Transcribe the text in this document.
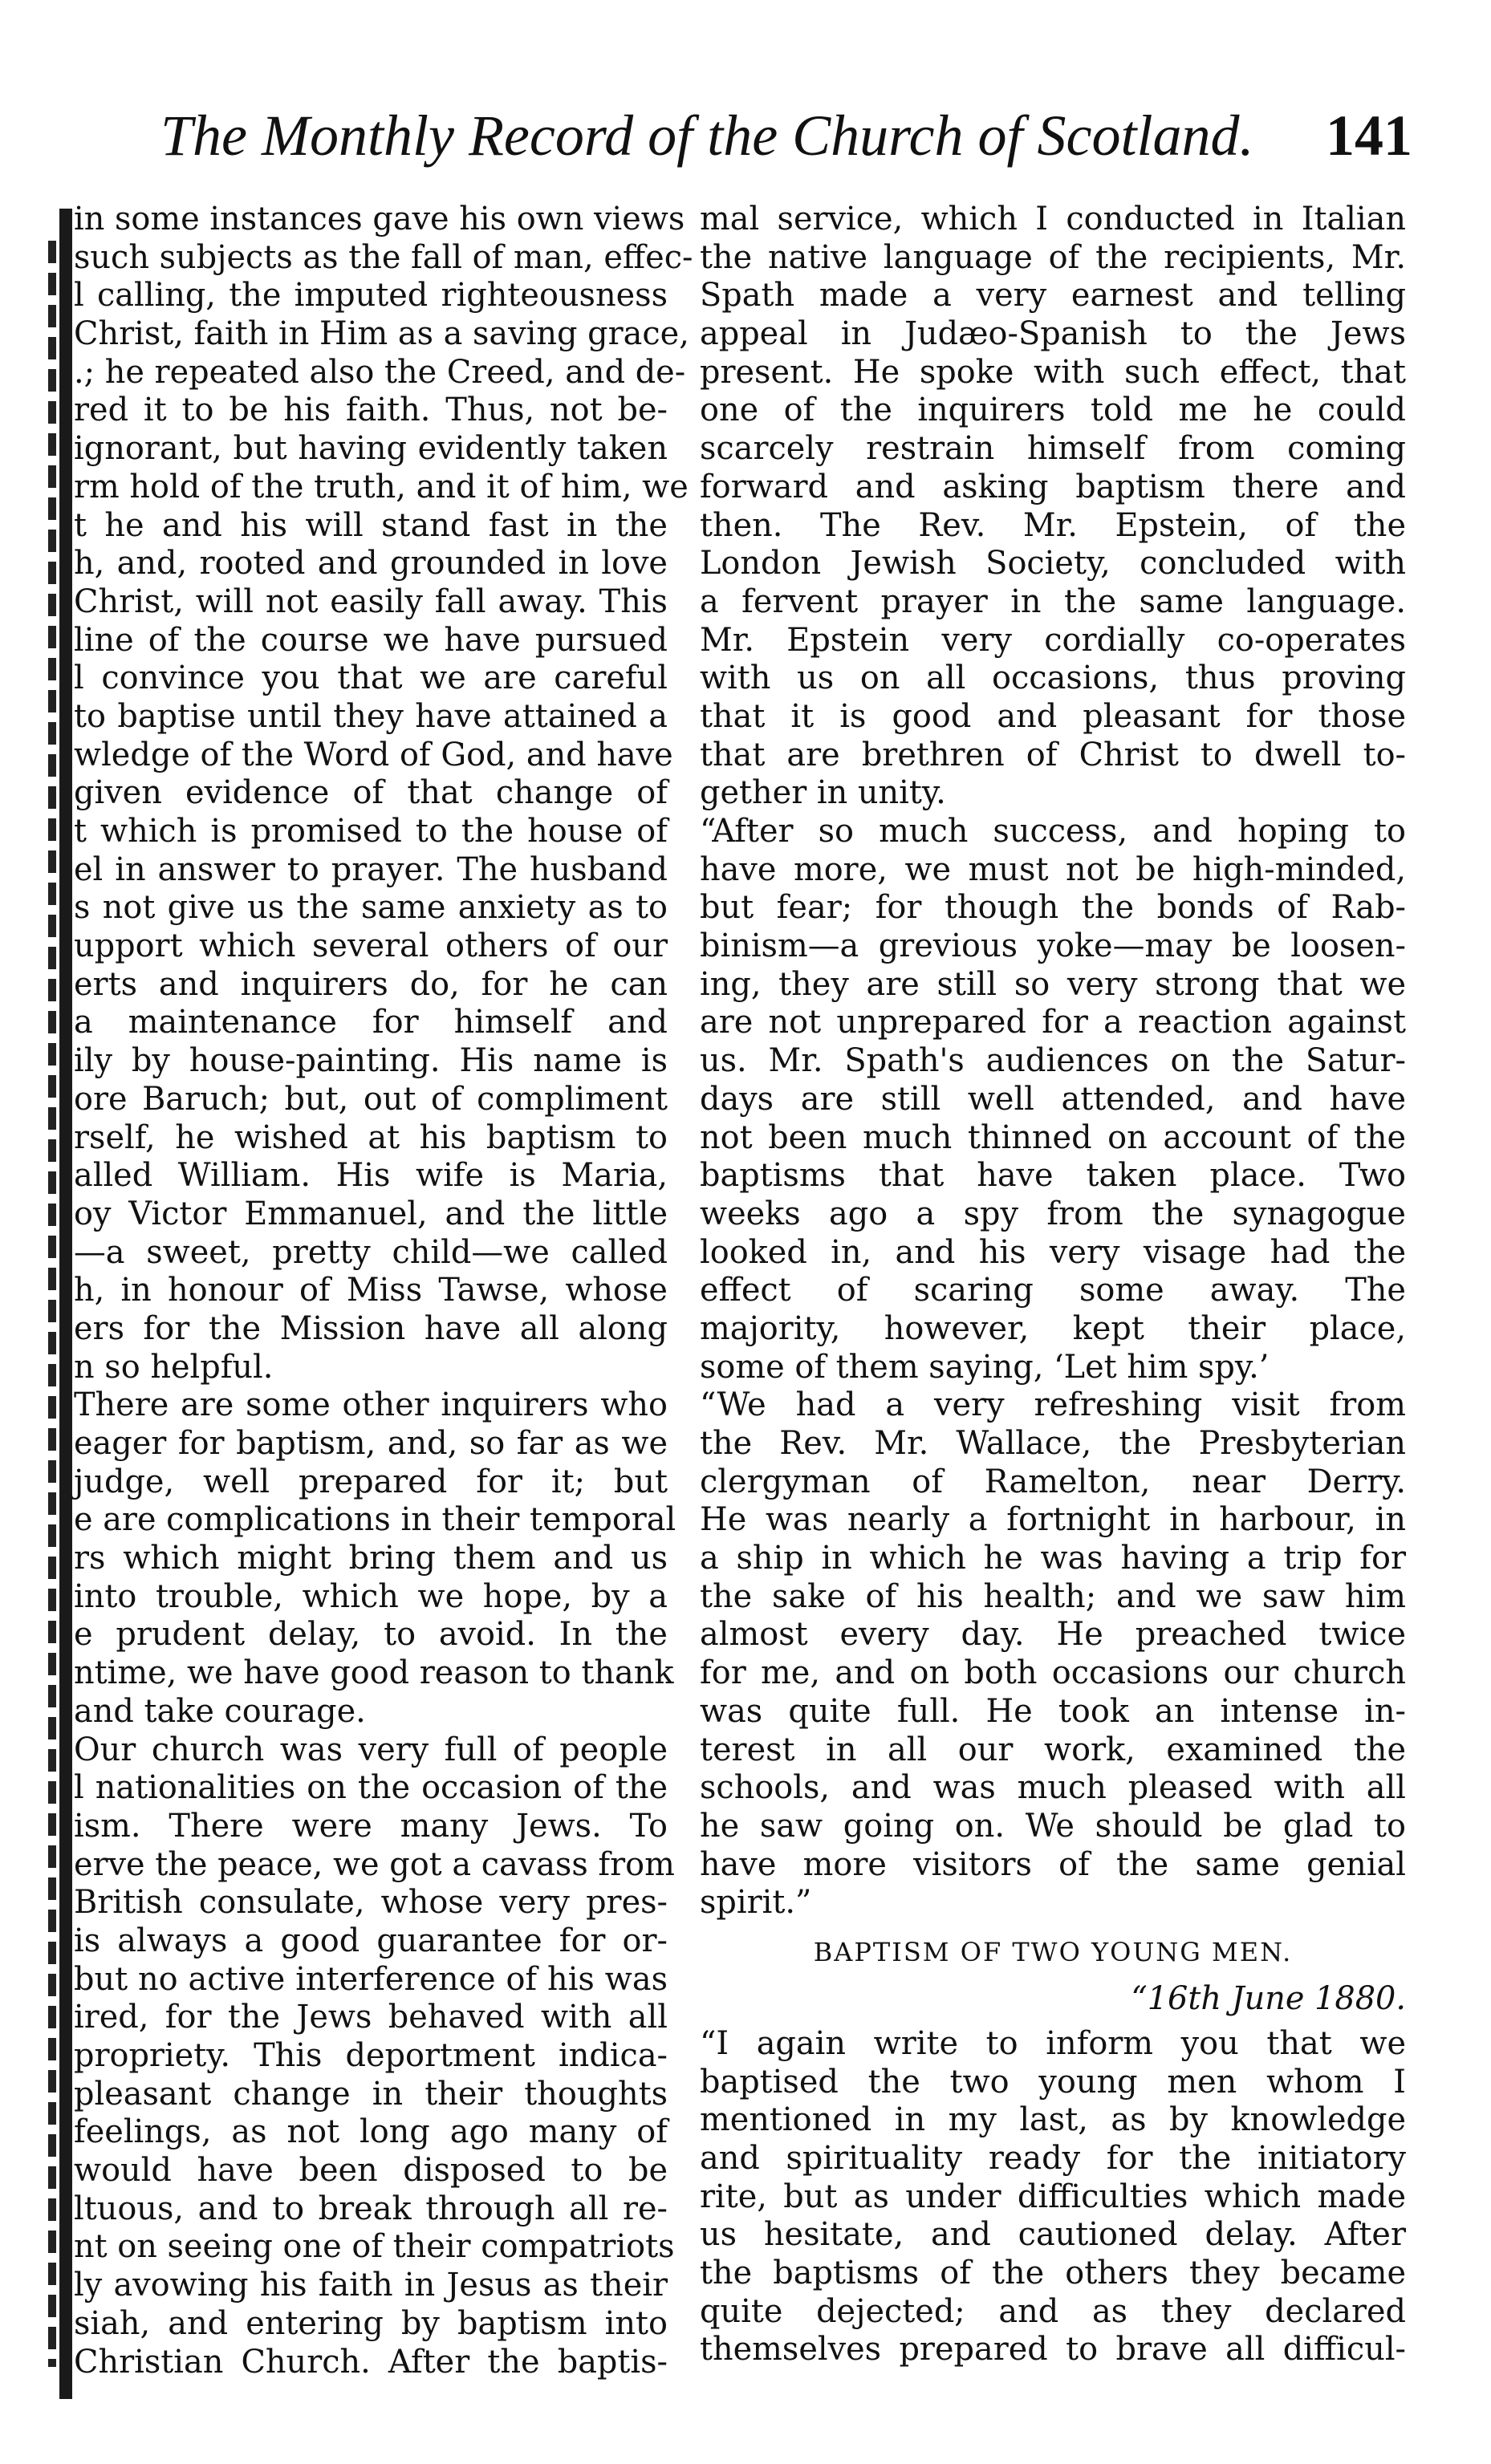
The Monthly Record of the Church of Scotland. 141
in some instances gave his own views
such subjects as the fall of man, effec-
l calling, the imputed righteousness
Christ, faith in Him as a saving grace,
.; he repeated also the Creed, and de-
red it to be his faith. Thus, not be-
ignorant, but having evidently taken
rm hold of the truth, and it of him, we
t he and his will stand fast in the
h, and, rooted and grounded in love
Christ, will not easily fall away. This
line of the course we have pursued
l convince you that we are careful
to baptise until they have attained a
wledge of the Word of God, and have
given evidence of that change of
t which is promised to the house of
el in answer to prayer. The husband
s not give us the same anxiety as to
upport which several others of our
erts and inquirers do, for he can
a maintenance for himself and
ily by house-painting. His name is
ore Baruch; but, out of compliment
rself, he wished at his baptism to
alled William. His wife is Maria,
oy Victor Emmanuel, and the little
—a sweet, pretty child—we called
h, in honour of Miss Tawse, whose
ers for the Mission have all along
n so helpful.
There are some other inquirers who
eager for baptism, and, so far as we
judge, well prepared for it; but
e are complications in their temporal
rs which might bring them and us
into trouble, which we hope, by a
e prudent delay, to avoid. In the
ntime, we have good reason to thank
and take courage.
Our church was very full of people
l nationalities on the occasion of the
ism. There were many Jews. To
erve the peace, we got a cavass from
British consulate, whose very pres-
is always a good guarantee for or-
but no active interference of his was
ired, for the Jews behaved with all
propriety. This deportment indica-
pleasant change in their thoughts
feelings, as not long ago many of
would have been disposed to be
ltuous, and to break through all re-
nt on seeing one of their compatriots
ly avowing his faith in Jesus as their
siah, and entering by baptism into
Christian Church. After the baptis-
mal service, which I conducted in Italian
the native language of the recipients, Mr.
Spath made a very earnest and telling
appeal in Judæo-Spanish to the Jews
present. He spoke with such effect, that
one of the inquirers told me he could
scarcely restrain himself from coming
forward and asking baptism there and
then. The Rev. Mr. Epstein, of the
London Jewish Society, concluded with
a fervent prayer in the same language.
Mr. Epstein very cordially co-operates
with us on all occasions, thus proving
that it is good and pleasant for those
that are brethren of Christ to dwell to-
gether in unity.
“After so much success, and hoping to
have more, we must not be high-minded,
but fear; for though the bonds of Rab-
binism—a grevious yoke—may be loosen-
ing, they are still so very strong that we
are not unprepared for a reaction against
us. Mr. Spath's audiences on the Satur-
days are still well attended, and have
not been much thinned on account of the
baptisms that have taken place. Two
weeks ago a spy from the synagogue
looked in, and his very visage had the
effect of scaring some away. The
majority, however, kept their place,
some of them saying, ‘Let him spy.’
“We had a very refreshing visit from
the Rev. Mr. Wallace, the Presbyterian
clergyman of Ramelton, near Derry.
He was nearly a fortnight in harbour, in
a ship in which he was having a trip for
the sake of his health; and we saw him
almost every day. He preached twice
for me, and on both occasions our church
was quite full. He took an intense in-
terest in all our work, examined the
schools, and was much pleased with all
he saw going on. We should be glad to
have more visitors of the same genial
spirit.”
BAPTISM OF TWO YOUNG MEN.
“16th June 1880.
“I again write to inform you that we
baptised the two young men whom I
mentioned in my last, as by knowledge
and spirituality ready for the initiatory
rite, but as under difficulties which made
us hesitate, and cautioned delay. After
the baptisms of the others they became
quite dejected; and as they declared
themselves prepared to brave all difficul-
